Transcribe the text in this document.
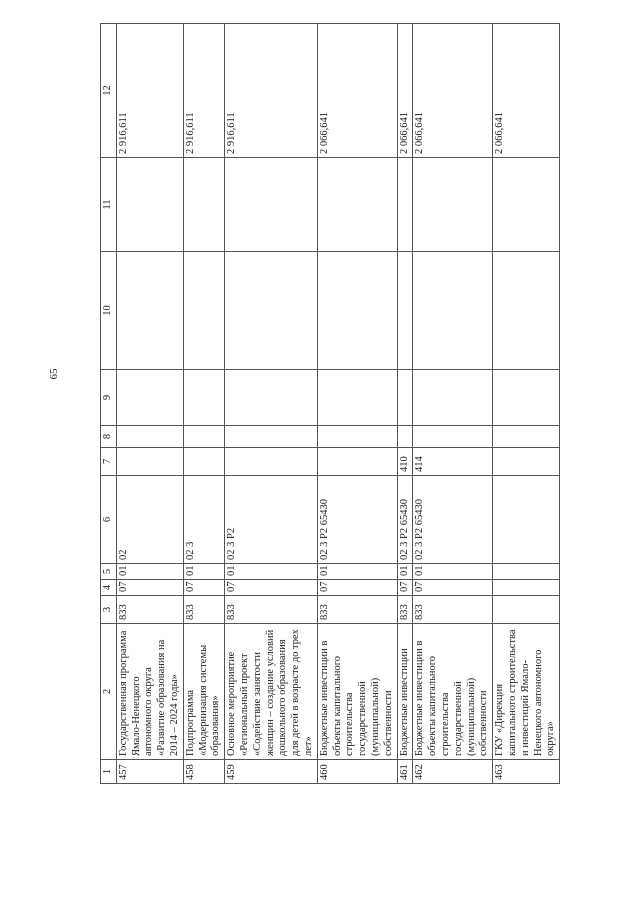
65
1	2	3	4	5	6	7	8	9	10	11	12
457	Государственная программа Ямало-Ненецкого автономного округа «Развитие образования на 2014 – 2024 годы»	833	07	01	02						2 916,611
458	Подпрограмма «Модернизация системы образования»	833	07	01	02 3						2 916,611
459	Основное мероприятие «Региональный проект «Содействие занятости женщин – создание условий дошкольного образования для детей в возрасте до трех лет»	833	07	01	02 3 P2						2 916,611
460	Бюджетные инвестиции в объекты капитального строительства государственной (муниципальной) собственности	833	07	01	02 3 P2 65430						2 066,641
461	Бюджетные инвестиции	833	07	01	02 3 P2 65430	410					2 066,641
462	Бюджетные инвестиции в объекты капитального строительства государственной (муниципальной) собственности	833	07	01	02 3 P2 65430	414					2 066,641
463	ГКУ «Дирекция капитального строительства и инвестиций Ямало-Ненецкого автономного округа»										2 066,641
